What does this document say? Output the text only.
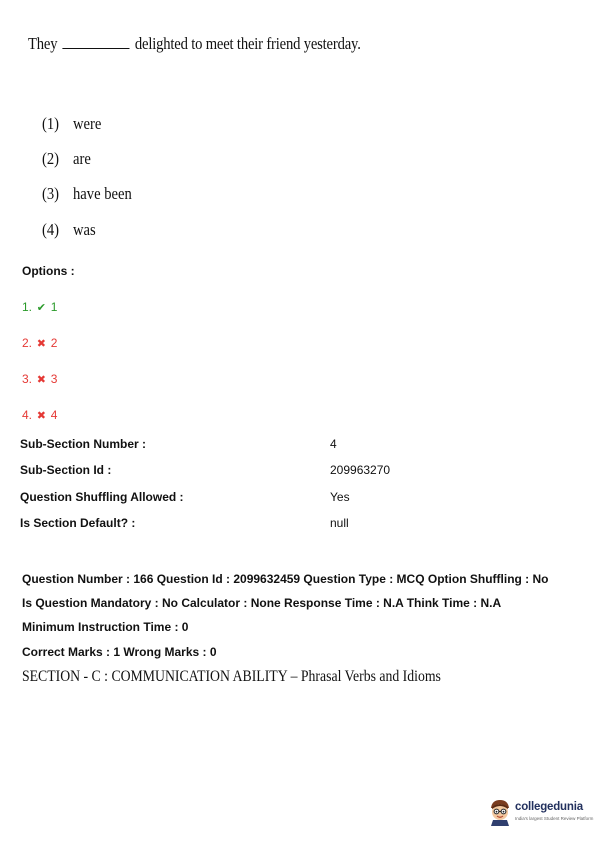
They	delighted to meet their friend yesterday.
(1) were
(2) are
(3) have been
(4) was
Options :
1. ✔ 1
2. ✖ 2
3. ✖ 3
4. ✖ 4
Sub-Section Number :	4
Sub-Section Id :	209963270
Question Shuffling Allowed :	Yes
Is Section Default? :	null
Question Number : 166 Question Id : 2099632459 Question Type : MCQ Option Shuffling : No
Is Question Mandatory : No Calculator : None Response Time : N.A Think Time : N.A
Minimum Instruction Time : 0
Correct Marks : 1 Wrong Marks : 0
SECTION - C : COMMUNICATION ABILITY – Phrasal Verbs and Idioms
collegedunia
India's largest Student Review Platform
